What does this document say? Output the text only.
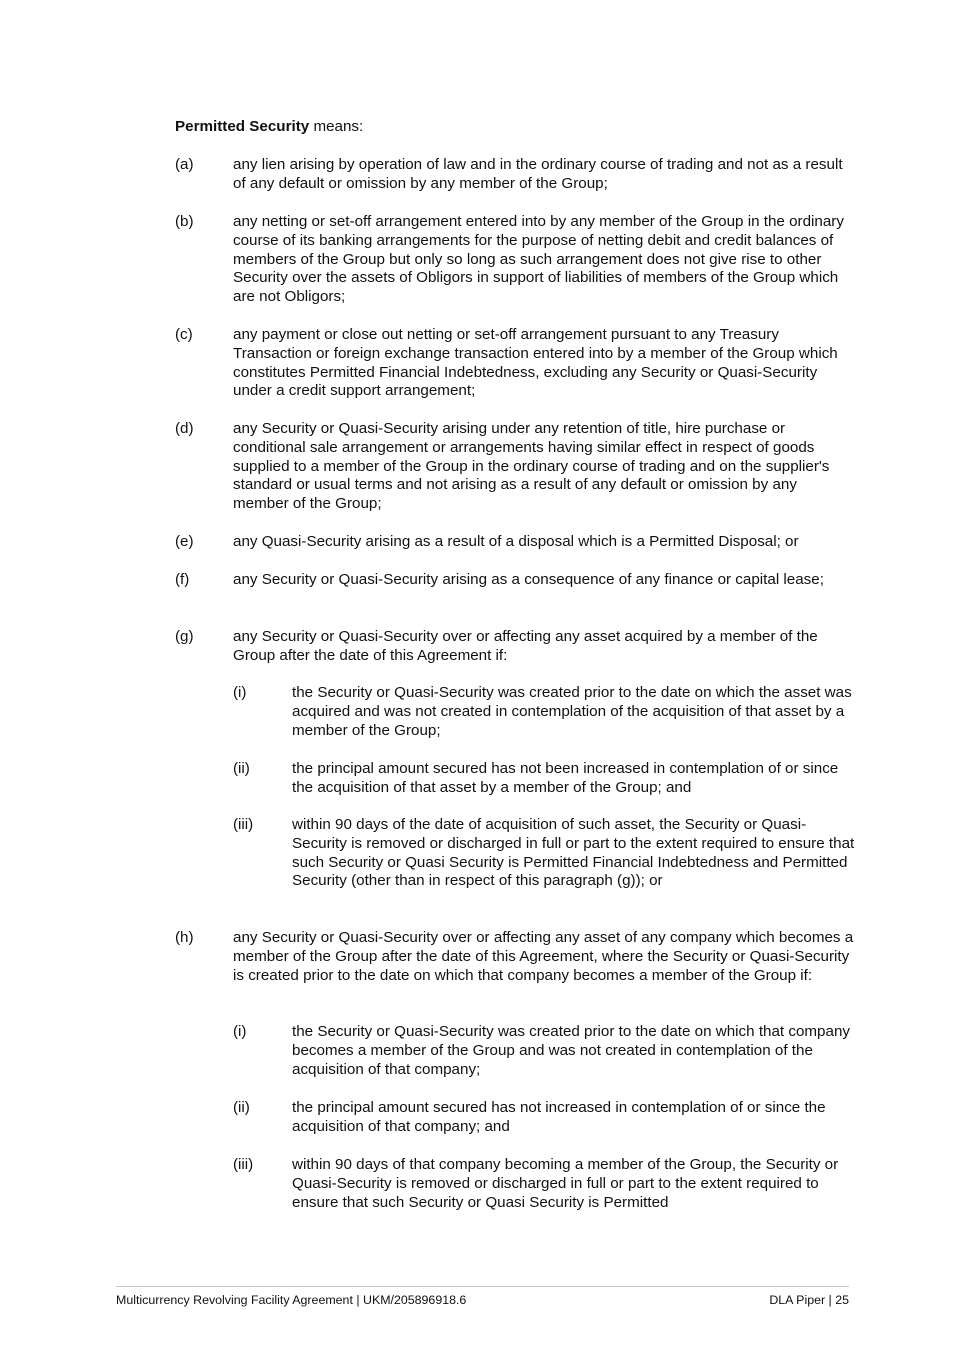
Permitted Security means:
(a)	any lien arising by operation of law and in the ordinary course of trading and not as a result of any default or omission by any member of the Group;
(b)	any netting or set-off arrangement entered into by any member of the Group in the ordinary course of its banking arrangements for the purpose of netting debit and credit balances of members of the Group but only so long as such arrangement does not give rise to other Security over the assets of Obligors in support of liabilities of members of the Group which are not Obligors;
(c)	any payment or close out netting or set-off arrangement pursuant to any Treasury Transaction or foreign exchange transaction entered into by a member of the Group which constitutes Permitted Financial Indebtedness, excluding any Security or Quasi-Security under a credit support arrangement;
(d)	any Security or Quasi-Security arising under any retention of title, hire purchase or conditional sale arrangement or arrangements having similar effect in respect of goods supplied to a member of the Group in the ordinary course of trading and on the supplier's standard or usual terms and not arising as a result of any default or omission by any member of the Group;
(e)	any Quasi-Security arising as a result of a disposal which is a Permitted Disposal; or
(f)	any Security or Quasi-Security arising as a consequence of any finance or capital lease;
(g)	any Security or Quasi-Security over or affecting any asset acquired by a member of the Group after the date of this Agreement if:
(i)	the Security or Quasi-Security was created prior to the date on which the asset was acquired and was not created in contemplation of the acquisition of that asset by a member of the Group;
(ii)	the principal amount secured has not been increased in contemplation of or since the acquisition of that asset by a member of the Group; and
(iii)	within 90 days of the date of acquisition of such asset, the Security or Quasi-Security is removed or discharged in full or part to the extent required to ensure that such Security or Quasi Security is Permitted Financial Indebtedness and Permitted Security (other than in respect of this paragraph (g)); or
(h)	any Security or Quasi-Security over or affecting any asset of any company which becomes a member of the Group after the date of this Agreement, where the Security or Quasi-Security is created prior to the date on which that company becomes a member of the Group if:
(i)	the Security or Quasi-Security was created prior to the date on which that company becomes a member of the Group and was not created in contemplation of the acquisition of that company;
(ii)	the principal amount secured has not increased in contemplation of or since the acquisition of that company; and
(iii)	within 90 days of that company becoming a member of the Group, the Security or Quasi-Security is removed or discharged in full or part to the extent required to ensure that such Security or Quasi Security is Permitted
Multicurrency Revolving Facility Agreement | UKM/205896918.6	DLA Piper | 25
